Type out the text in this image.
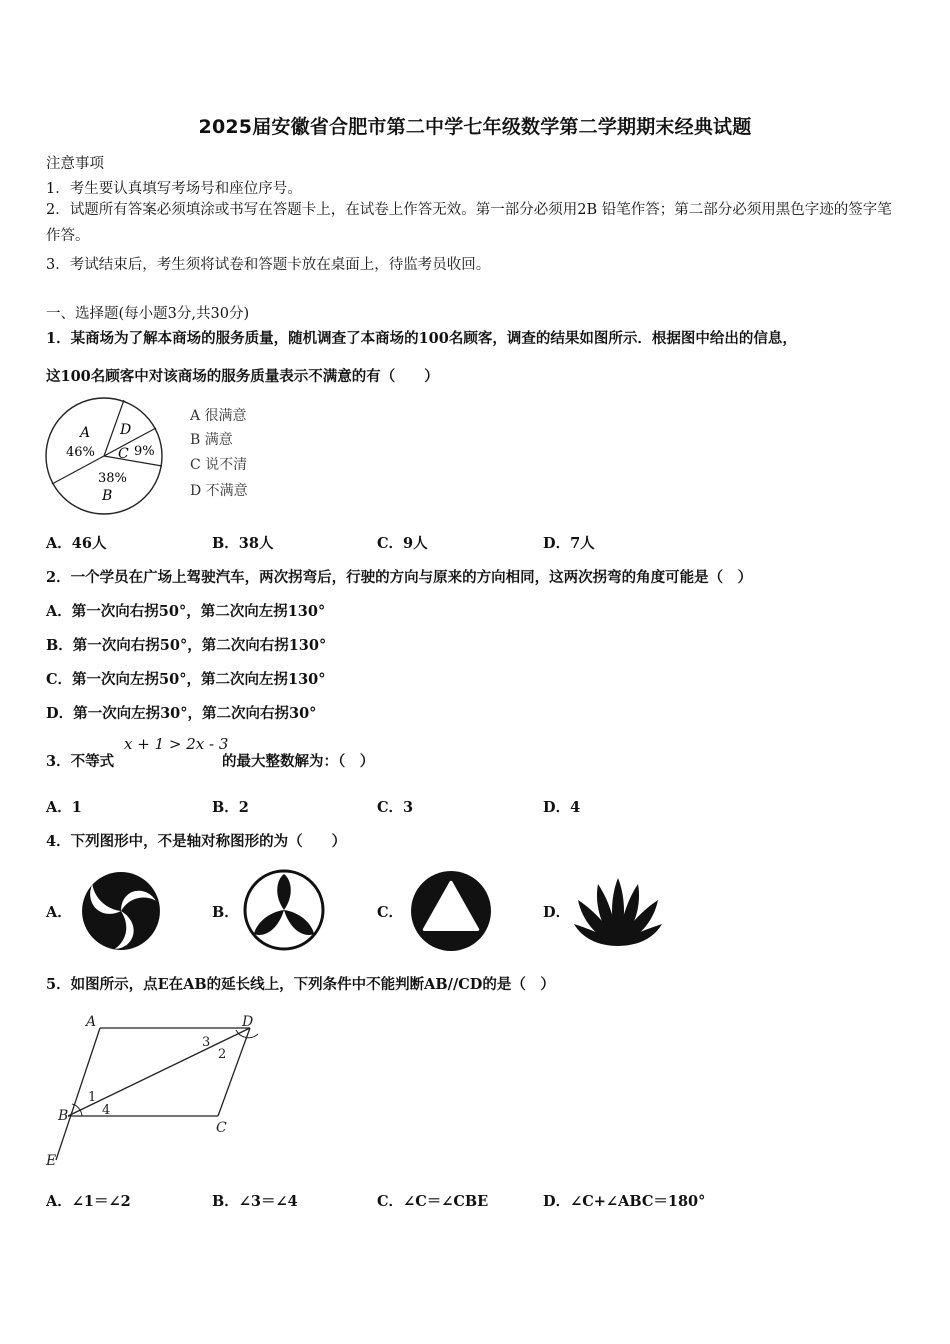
2025届安徽省合肥市第二中学七年级数学第二学期期末经典试题
注意事项
1．考生要认真填写考场号和座位序号。
2．试题所有答案必须填涂或书写在答题卡上，在试卷上作答无效。第一部分必须用2B 铅笔作答；第二部分必须用黑色字迹的签字笔作答。
3．考试结束后，考生须将试卷和答题卡放在桌面上，待监考员收回。
一、选择题(每小题3分,共30分)
1．某商场为了解本商场的服务质量，随机调查了本商场的100名顾客，调查的结果如图所示．根据图中给出的信息，
这100名顾客中对该商场的服务质量表示不满意的有（　　）
A
46%
D
C 9%
38%
B
A 很满意
B 满意
C 说不清
D 不满意
A．46人	B．38人	C．9人	D．7人
2．一个学员在广场上驾驶汽车，两次拐弯后，行驶的方向与原来的方向相同，这两次拐弯的角度可能是（　）
A．第一次向右拐50°，第二次向左拐130°
B．第一次向右拐50°，第二次向右拐130°
C．第一次向左拐50°，第二次向左拐130°
D．第一次向左拐30°，第二次向右拐30°
3．不等式
x + 1 > 2x - 3
的最大整数解为：（　）
A．1	B．2	C．3	D．4
4．下列图形中，不是轴对称图形的为（　　）
A．	B．	C．	D．
5．如图所示，点E在AB的延长线上，下列条件中不能判断AB//CD的是（　）
A	D
B
C
E
1
2
3
4
A．∠1＝∠2	B．∠3＝∠4	C．∠C＝∠CBE	D．∠C+∠ABC＝180°
